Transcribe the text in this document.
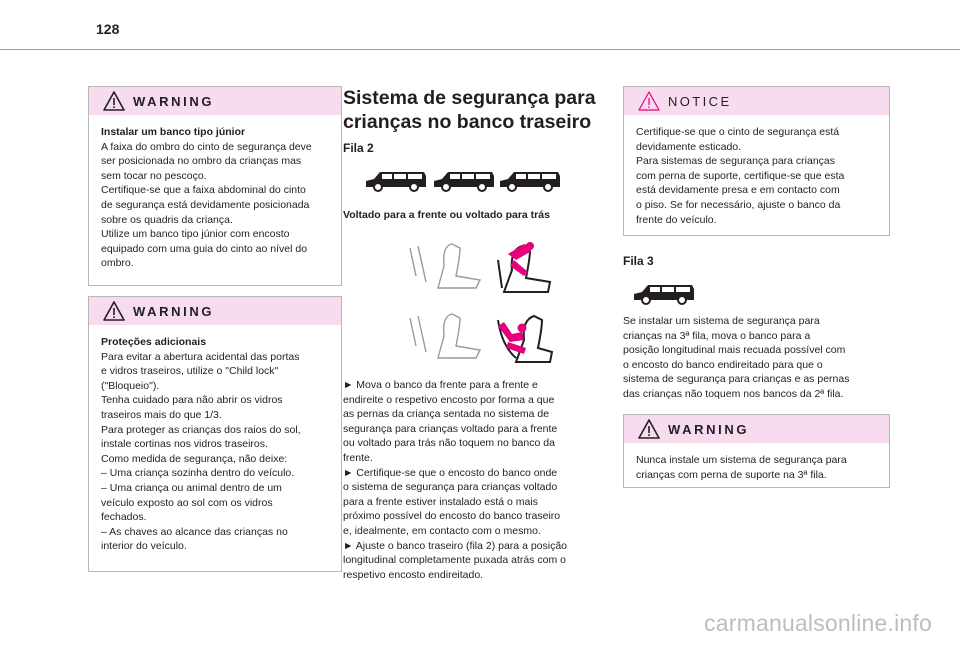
128
WARNING

Instalar um banco tipo júnior

A faixa do ombro do cinto de segurança deve

ser posicionada no ombro da crianças mas

sem tocar no pescoço.

Certifique-se que a faixa abdominal do cinto

de segurança está devidamente posicionada

sobre os quadris da criança.

Utilize um banco tipo júnior com encosto

equipado com uma guia do cinto ao nível do

ombro.

WARNING

Proteções adicionais

Para evitar a abertura acidental das portas

e vidros traseiros, utilize o "Child lock"

("Bloqueio").

Tenha cuidado para não abrir os vidros

traseiros mais do que 1/3.

Para proteger as crianças dos raios do sol,

instale cortinas nos vidros traseiros.

Como medida de segurança, não deixe:

– Uma criança sozinha dentro do veículo.

– Uma criança ou animal dentro de um

veículo exposto ao sol com os vidros

fechados.

– As chaves ao alcance das crianças no

interior do veículo.

Sistema de segurança para
crianças no banco traseiro
Fila 2
Voltado para a frente ou voltado para trás

► Mova o banco da frente para a frente e

endireite o respetivo encosto por forma a que

as pernas da criança sentada no sistema de

segurança para crianças voltado para a frente

ou voltado para trás não toquem no banco da

frente.

► Certifique-se que o encosto do banco onde

o sistema de segurança para crianças voltado

para a frente estiver instalado está o mais

próximo possível do encosto do banco traseiro

e, idealmente, em contacto com o mesmo.

► Ajuste o banco traseiro (fila 2) para a posição

longitudinal completamente puxada atrás com o

respetivo encosto endireitado.

NOTICE

Certifique-se que o cinto de segurança está

devidamente esticado.

Para sistemas de segurança para crianças

com perna de suporte, certifique-se que esta

está devidamente presa e em contacto com

o piso. Se for necessário, ajuste o banco da

frente do veículo.

Fila 3

Se instalar um sistema de segurança para

crianças na 3ª fila, mova o banco para a

posição longitudinal mais recuada possível com

o encosto do banco endireitado para que o

sistema de segurança para crianças e as pernas

das crianças não toquem nos bancos da 2ª fila.

WARNING

Nunca instale um sistema de segurança para

crianças com perna de suporte na 3ª fila.

carmanualsonline.info
